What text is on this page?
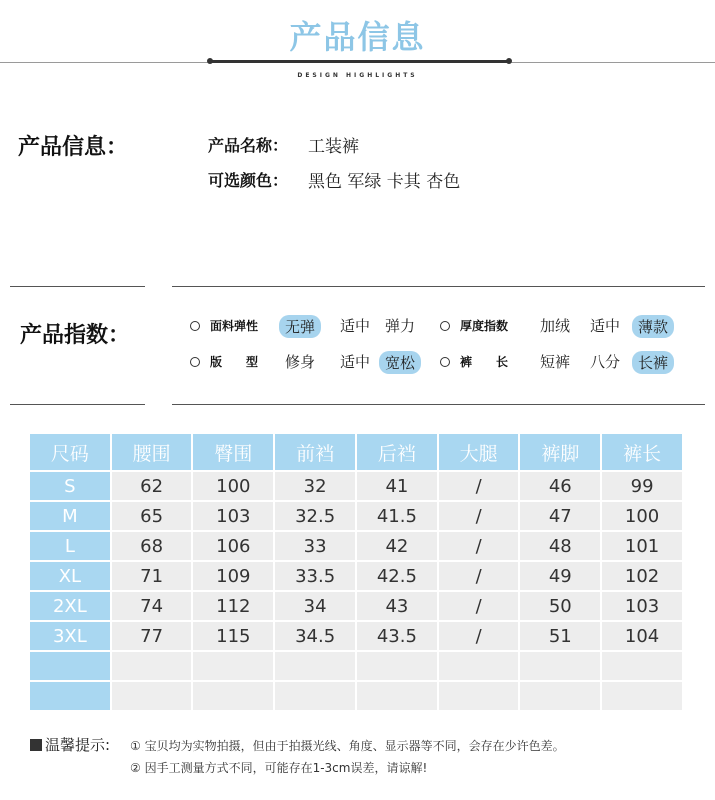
产品信息
DESIGN HIGHLIGHTS
产品信息：	产品名称： 工装裤
可选颜色： 黑色 军绿 卡其 杏色
产品指数：	面料弹性	无弹	适中 弹力	厚度指数 加绒 适中	薄款
版　　型 修身 适中 宽松	裤　　长 短裤 八分	长裤
尺码	腰围	臀围	前裆	后裆	大腿	裤脚	裤长
S	62	100	32	41	/	46	99
M	65	103	32.5	41.5	/	47	100
L	68	106	33	42	/	48	101
XL	71	109	33.5	42.5	/	49	102
2XL	74	112	34	43	/	50	103
3XL	77	115	34.5	43.5	/	51	104

温馨提示: ① 宝贝均为实物拍摄，但由于拍摄光线、角度、显示器等不同，会存在少许色差。
② 因手工测量方式不同，可能存在1-3cm误差，请谅解!
